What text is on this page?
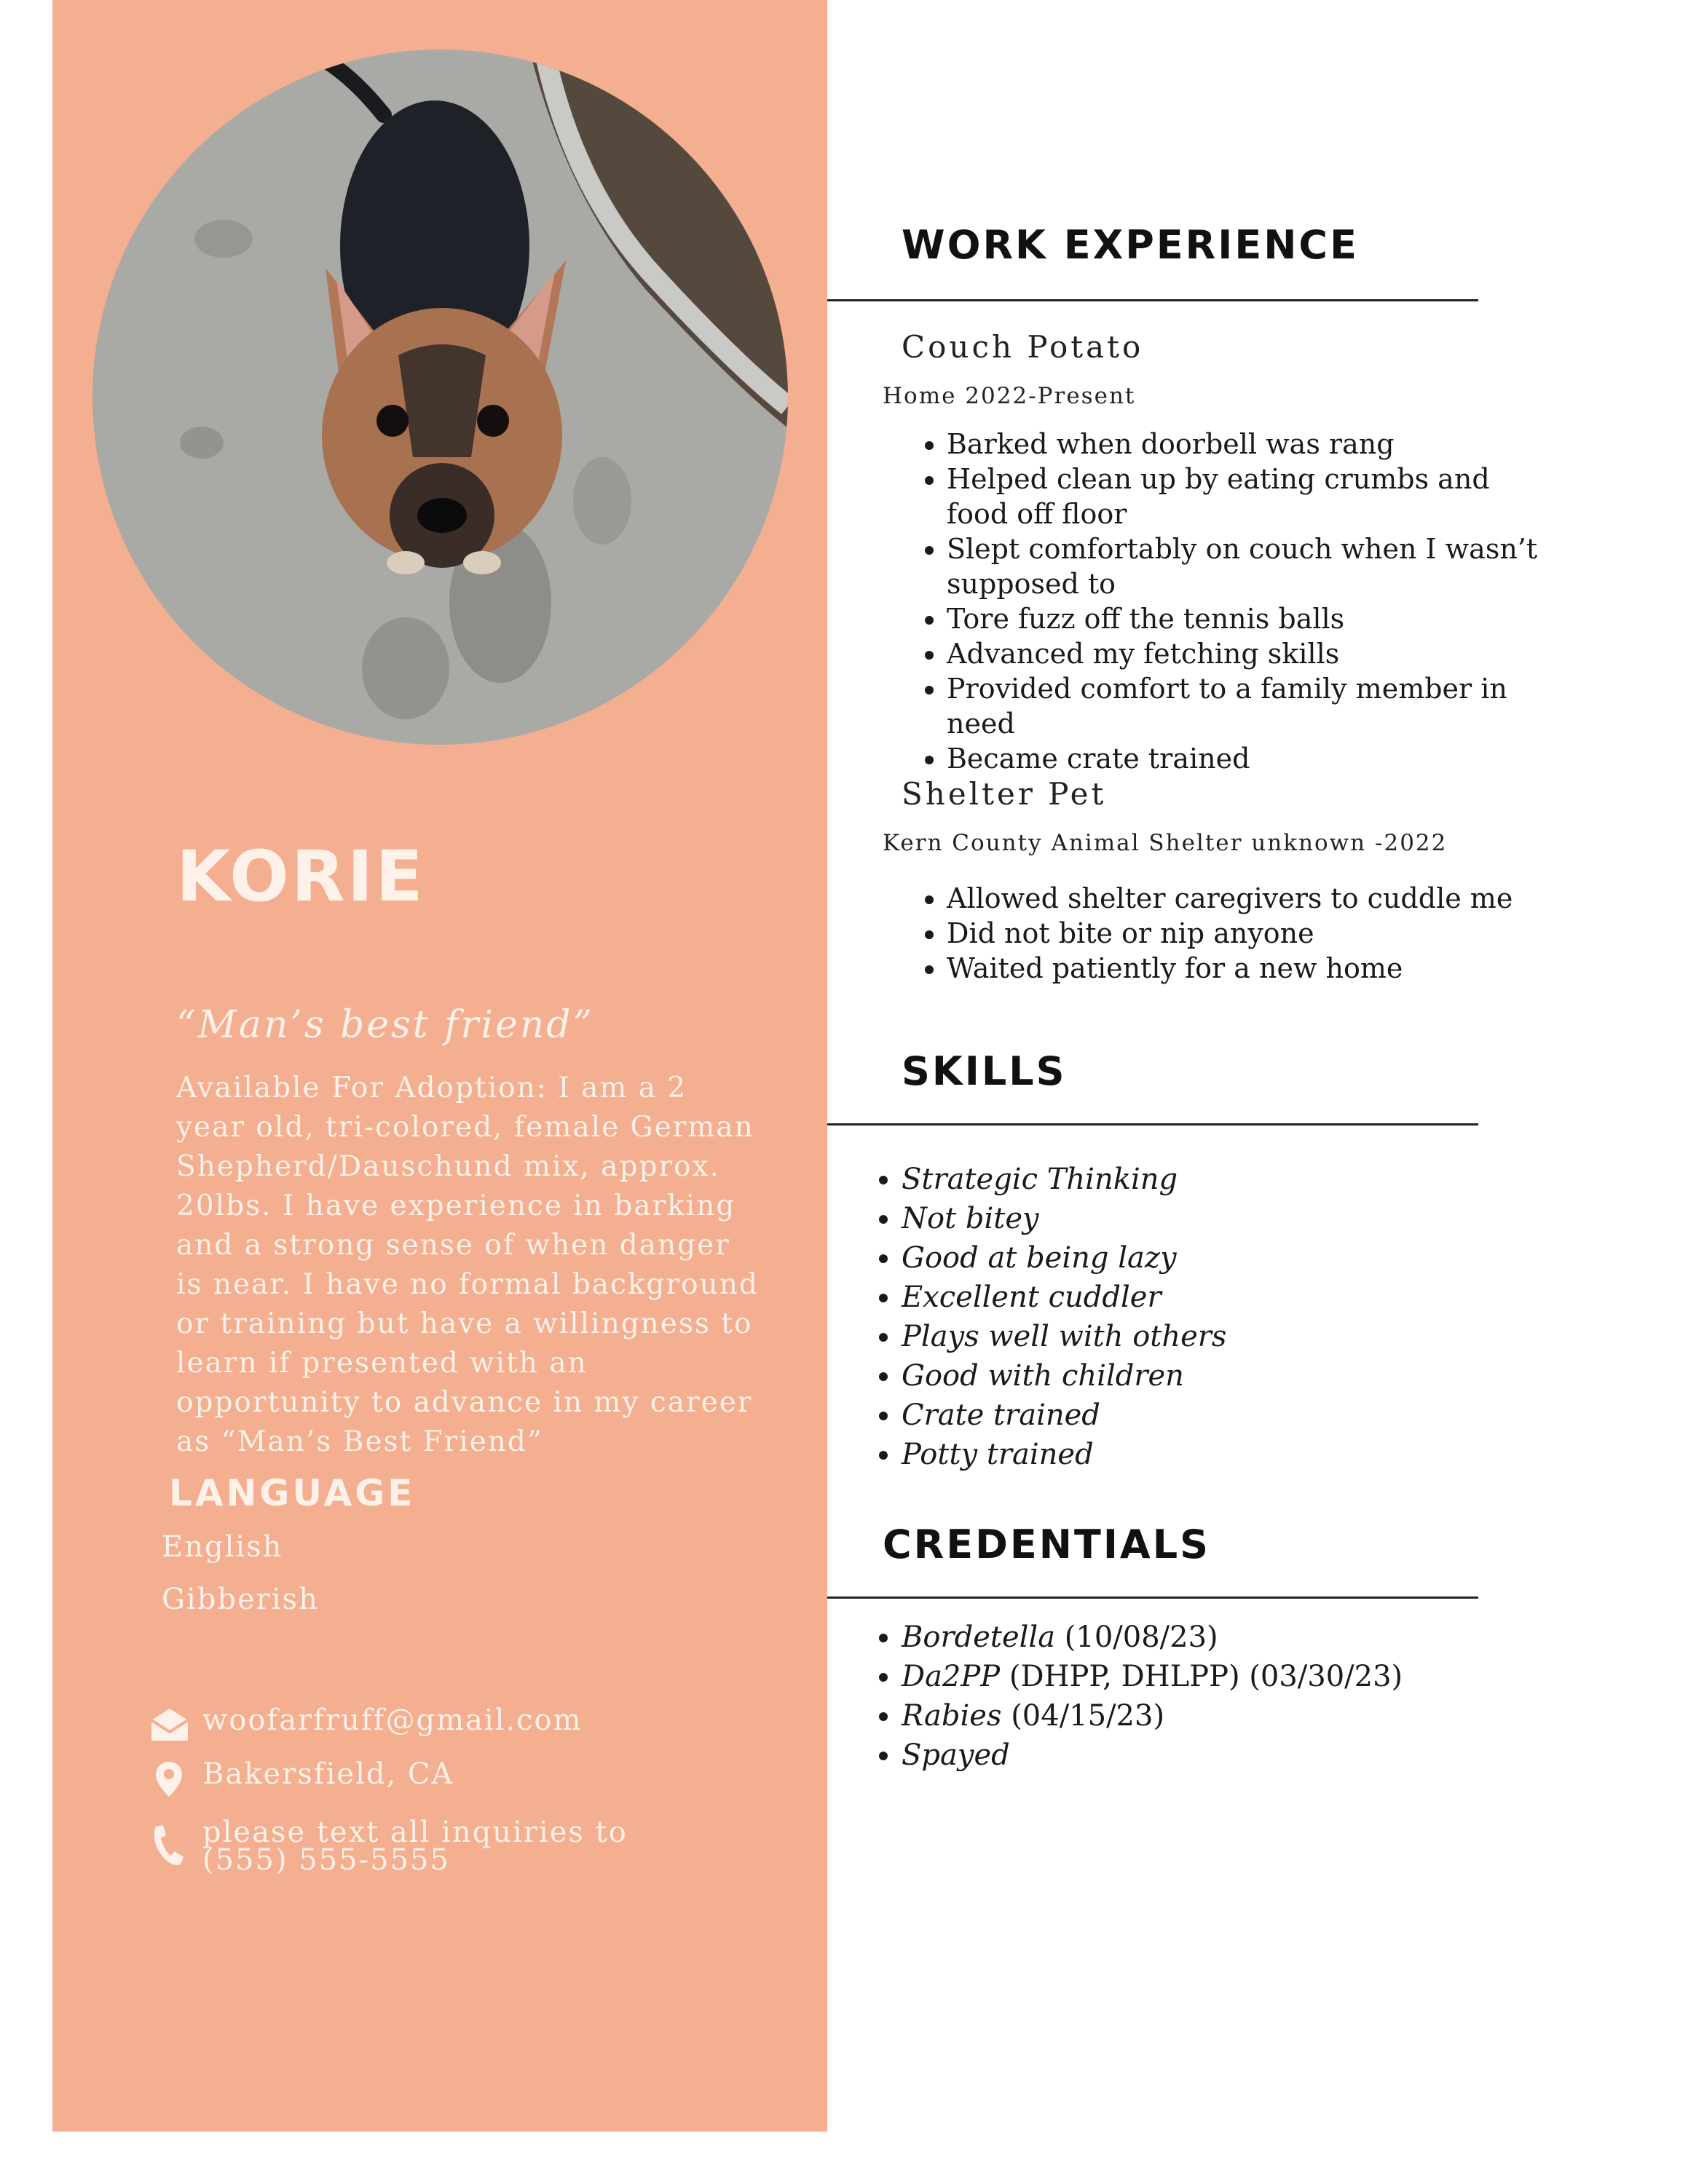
KORIE

“Man’s best friend”

Available For Adoption: I am a 2 year old, tri-colored, female German Shepherd/Dauschund mix, approx. 20lbs. I have experience in barking and a strong sense of when danger is near. I have no formal background or training but have a willingness to learn if presented with an opportunity to advance in my career as “Man’s Best Friend”

LANGUAGE

English

Gibberish

woofarfruff@gmail.com

Bakersfield, CA

please text all inquiries to
(555) 555-5555

WORK EXPERIENCE

Couch Potato

Home 2022-Present

• Barked when doorbell was rang
• Helped clean up by eating crumbs and food off floor
• Slept comfortably on couch when I wasn’t supposed to
• Tore fuzz off the tennis balls
• Advanced my fetching skills
• Provided comfort to a family member in need
• Became crate trained

Shelter Pet

Kern County Animal Shelter unknown -2022

• Allowed shelter caregivers to cuddle me
• Did not bite or nip anyone
• Waited patiently for a new home
SKILLS
• Strategic Thinking
• Not bitey
• Good at being lazy
• Excellent cuddler
• Plays well with others
• Good with children
• Crate trained
• Potty trained
CREDENTIALS
• Bordetella (10/08/23)
• Da2PP (DHPP, DHLPP) (03/30/23)
• Rabies (04/15/23)
• Spayed
